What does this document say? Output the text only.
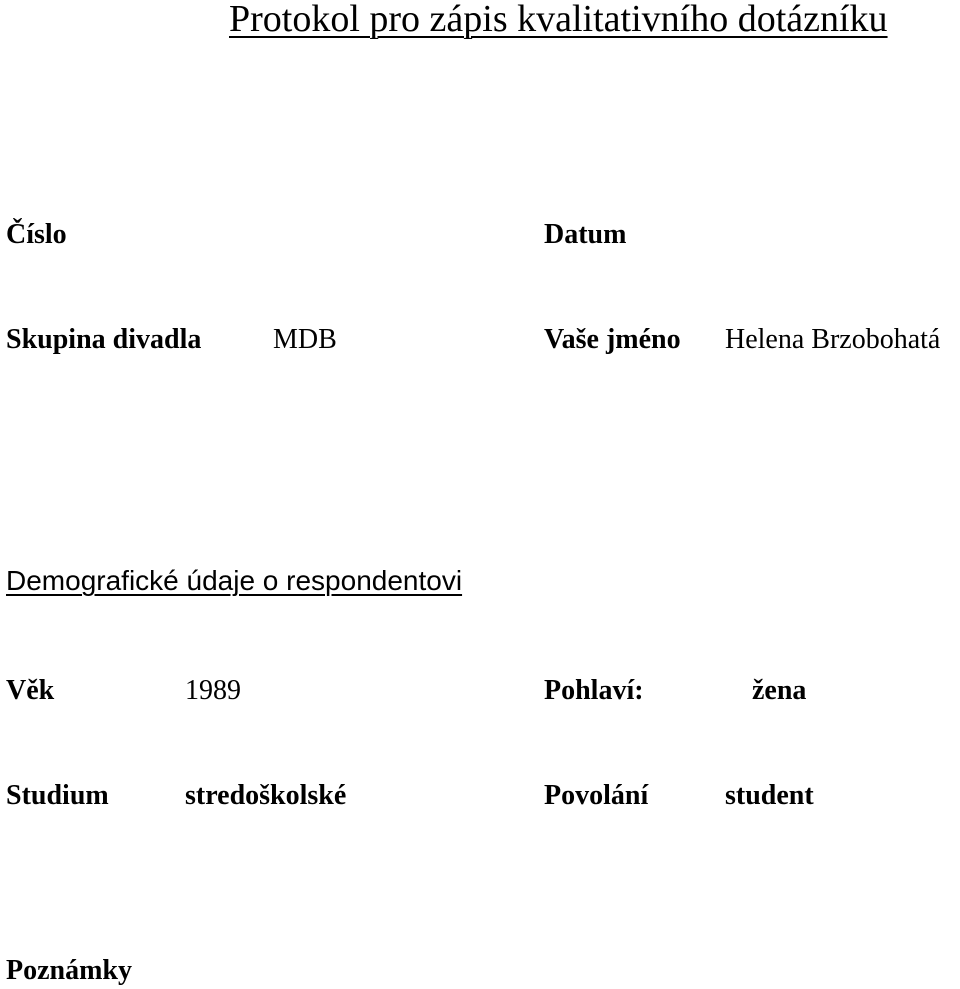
Protokol pro zápis kvalitativního dotázníku
Číslo	Datum
Skupina divadla	MDB	Vaše jméno Helena Brzobohatá
Demografické údaje o respondentovi
Věk	1989	Pohlaví:	žena
Studium	stredoškolské	Povolání	student
Poznámky
